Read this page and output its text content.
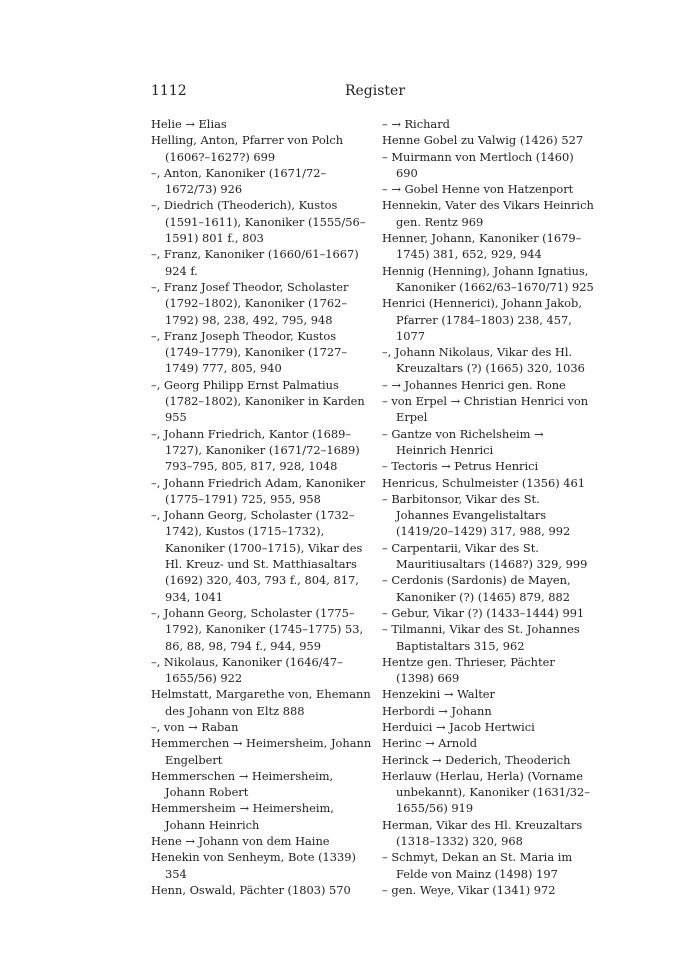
1112	Register

Helie → Elias

Helling, Anton, Pfarrer von Polch (1606?–1627?) 699

–, Anton, Kanoniker (1671/72–1672/73) 926

–, Diedrich (Theoderich), Kustos (1591–1611), Kanoniker (1555/56–1591) 801 f., 803

–, Franz, Kanoniker (1660/61–1667) 924 f.

–, Franz Josef Theodor, Scholaster (1792–1802), Kanoniker (1762–1792) 98, 238, 492, 795, 948

–, Franz Joseph Theodor, Kustos (1749–1779), Kanoniker (1727–1749) 777, 805, 940

–, Georg Philipp Ernst Palmatius (1782–1802), Kanoniker in Karden 955

–, Johann Friedrich, Kantor (1689–1727), Kanoniker (1671/72–1689) 793–795, 805, 817, 928, 1048

–, Johann Friedrich Adam, Kanoniker (1775–1791) 725, 955, 958

–, Johann Georg, Scholaster (1732–1742), Kustos (1715–1732), Kanoniker (1700–1715), Vikar des Hl. Kreuz- und St. Matthiasaltars (1692) 320, 403, 793 f., 804, 817, 934, 1041

–, Johann Georg, Scholaster (1775–1792), Kanoniker (1745–1775) 53, 86, 88, 98, 794 f., 944, 959

–, Nikolaus, Kanoniker (1646/47–1655/56) 922

Helmstatt, Margarethe von, Ehemann des Johann von Eltz 888

–, von → Raban

Hemmerchen → Heimersheim, Johann Engelbert

Hemmerschen → Heimersheim, Johann Robert

Hemmersheim → Heimersheim, Johann Heinrich

Hene → Johann von dem Haine

Henekin von Senheym, Bote (1339) 354

Henn, Oswald, Pächter (1803) 570

– → Richard

Henne Gobel zu Valwig (1426) 527

– Muirmann von Mertloch (1460) 690

– → Gobel Henne von Hatzenport

Hennekin, Vater des Vikars Heinrich gen. Rentz 969

Henner, Johann, Kanoniker (1679–1745) 381, 652, 929, 944

Hennig (Henning), Johann Ignatius, Kanoniker (1662/63–1670/71) 925

Henrici (Hennerici), Johann Jakob, Pfarrer (1784–1803) 238, 457, 1077

–, Johann Nikolaus, Vikar des Hl. Kreuzaltars (?) (1665) 320, 1036

– → Johannes Henrici gen. Rone

– von Erpel → Christian Henrici von Erpel

– Gantze von Richelsheim → Heinrich Henrici

– Tectoris → Petrus Henrici

Henricus, Schulmeister (1356) 461

– Barbitonsor, Vikar des St. Johannes Evangelistaltars (1419/20–1429) 317, 988, 992

– Carpentarii, Vikar des St. Mauritiusaltars (1468?) 329, 999

– Cerdonis (Sardonis) de Mayen, Kanoniker (?) (1465) 879, 882

– Gebur, Vikar (?) (1433–1444) 991

– Tilmanni, Vikar des St. Johannes Baptistaltars 315, 962

Hentze gen. Thrieser, Pächter (1398) 669

Henzekini → Walter

Herbordi → Johann

Herduici → Jacob Hertwici

Herinc → Arnold

Herinck → Dederich, Theoderich

Herlauw (Herlau, Herla) (Vorname unbekannt), Kanoniker (1631/32–1655/56) 919

Herman, Vikar des Hl. Kreuzaltars (1318–1332) 320, 968

– Schmyt, Dekan an St. Maria im Felde von Mainz (1498) 197

– gen. Weye, Vikar (1341) 972
